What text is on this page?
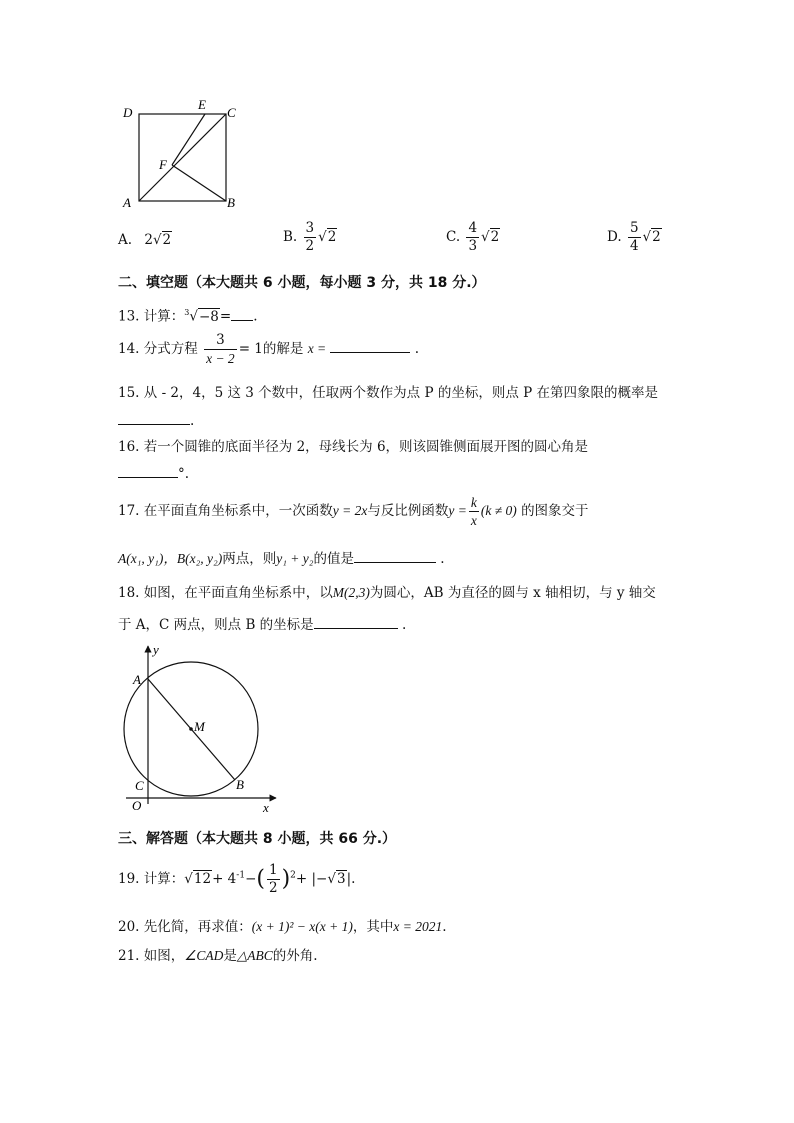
D
E
C
F
A	B
A. 2√2	B. $\frac{3}{2} √2$	C. $\frac{4}{3} √2$	D. $\frac{5}{4} √2$
二、填空题（本大题共 6 小题，每小题 3 分，共 18 分.）
13. 计算：$^3$√−8= .
14. 分式方程 $\frac{3}{x - 2} = 1$的解是 x =	.
15. 从 - 2，4，5 这 3 个数中，任取两个数作为点 P 的坐标，则点 P 在第四象限的概率是
.
16. 若一个圆锥的底面半径为 2，母线长为 6，则该圆锥侧面展开图的圆心角是
°.
17. 在平面直角坐标系中，一次函数y = 2x与反比例函数$y = \frac{k}{x} (k \ne 0)$ 的图象交于
A(x₁, y₁)，B(x₂, y₂)两点，则y₁ + y₂的值是	.
18. 如图，在平面直角坐标系中，以M(2,3)为圆心，AB 为直径的圆与 x 轴相切，与 y 轴交
于 A，C 两点，则点 B 的坐标是	.
y
A
M
C	B
O	x
三、解答题（本大题共 8 小题，共 66 分.）
19. 计算：$√12+ 4^{-1}-( \frac{1}{2} )^2+ |-√3|$.
20. 先化简，再求值：(x + 1)² − x(x + 1)，其中x = 2021.
21. 如图，∠CAD是△ABC的外角.
